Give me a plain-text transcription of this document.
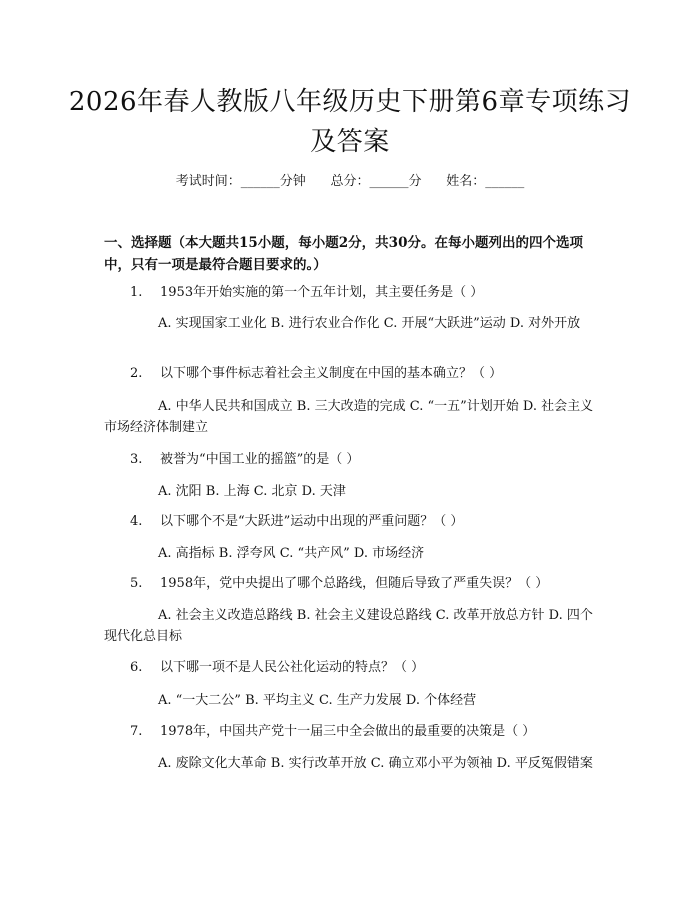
2026年春人教版八年级历史下册第6章专项练习及答案
考试时间：______分钟      总分：______分      姓名：______
一、选择题（本大题共15小题，每小题2分，共30分。在每小题列出的四个选项中，只有一项是最符合题目要求的。）
1. 1953年开始实施的第一个五年计划，其主要任务是（ ）
A. 实现国家工业化 B. 进行农业合作化 C. 开展“大跃进”运动 D. 对外开放
2. 以下哪个事件标志着社会主义制度在中国的基本确立？（ ）
A. 中华人民共和国成立 B. 三大改造的完成 C. “一五”计划开始 D. 社会主义市场经济体制建立
3. 被誉为“中国工业的摇篮”的是（ ）
A. 沈阳 B. 上海 C. 北京 D. 天津
4. 以下哪个不是“大跃进”运动中出现的严重问题？（ ）
A. 高指标 B. 浮夸风 C. “共产风” D. 市场经济
5. 1958年，党中央提出了哪个总路线，但随后导致了严重失误？（ ）
A. 社会主义改造总路线 B. 社会主义建设总路线 C. 改革开放总方针 D. 四个现代化总目标
6. 以下哪一项不是人民公社化运动的特点？（ ）
A. “一大二公” B. 平均主义 C. 生产力发展 D. 个体经营
7. 1978年，中国共产党十一届三中全会做出的最重要的决策是（ ）
A. 废除文化大革命 B. 实行改革开放 C. 确立邓小平为领袖 D. 平反冤假错案
